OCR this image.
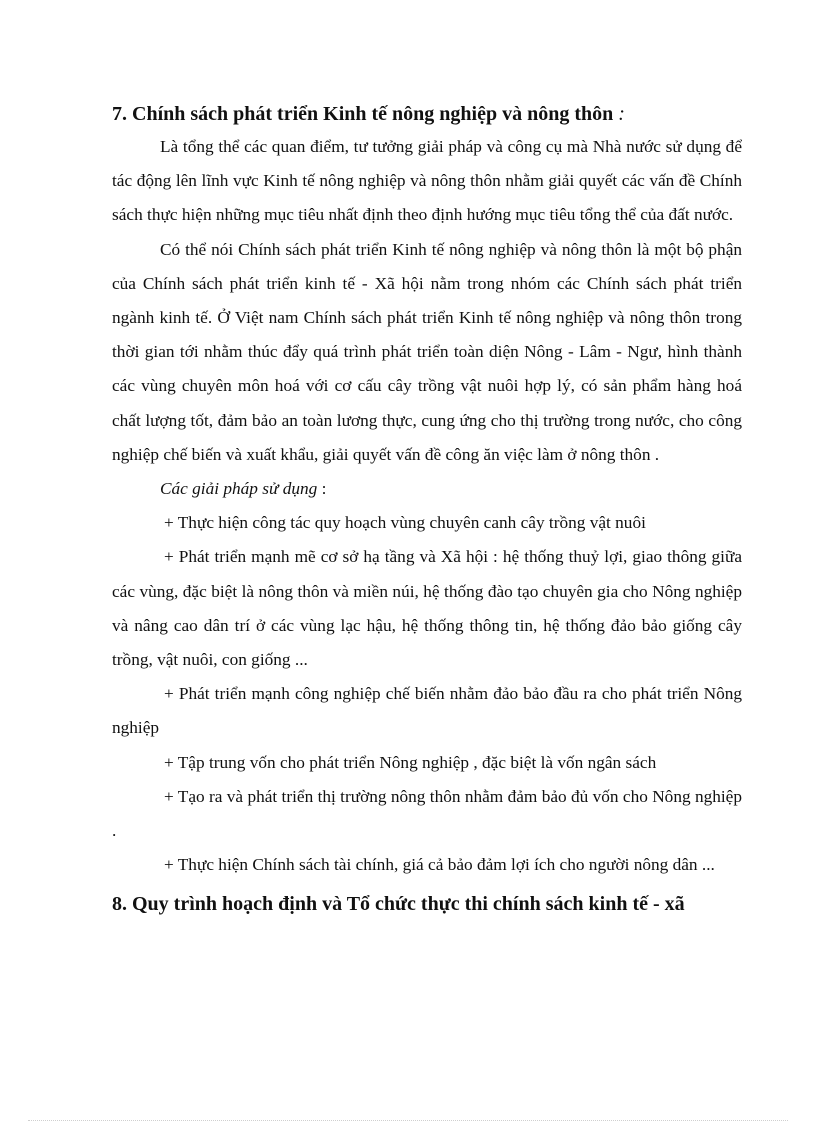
7. Chính sách phát triển Kinh tế nông nghiệp và nông thôn :

Là tổng thể các quan điểm, tư tưởng giải pháp và công cụ mà Nhà nước sử dụng để tác động lên lĩnh vực Kinh tế nông nghiệp và nông thôn nhằm giải quyết các vấn đề Chính sách thực hiện những mục tiêu nhất định theo định hướng mục tiêu tổng thể của đất nước.

Có thể nói Chính sách phát triển Kinh tế nông nghiệp và nông thôn là một bộ phận của Chính sách phát triển kinh tế - Xã hội nằm trong nhóm các Chính sách phát triển ngành kinh tế. Ở Việt nam Chính sách phát triển Kinh tế nông nghiệp và nông thôn trong thời gian tới nhằm thúc đẩy quá trình phát triển toàn diện Nông - Lâm - Ngư, hình thành các vùng chuyên môn hoá với cơ cấu cây trồng vật nuôi hợp lý, có sản phẩm hàng hoá chất lượng tốt, đảm bảo an toàn lương thực, cung ứng cho thị trường trong nước, cho công nghiệp chế biến và xuất khẩu, giải quyết vấn đề công ăn việc làm ở nông thôn .

Các giải pháp sử dụng :

+ Thực hiện công tác quy hoạch vùng chuyên canh cây trồng vật nuôi

+ Phát triển mạnh mẽ cơ sở hạ tầng và Xã hội : hệ thống thuỷ lợi, giao thông giữa các vùng, đặc biệt là nông thôn và miền núi, hệ thống đào tạo chuyên gia cho Nông nghiệp và nâng cao dân trí ở các vùng lạc hậu, hệ thống thông tin, hệ thống đảo bảo giống cây trồng, vật nuôi, con giống ...

+ Phát triển mạnh công nghiệp chế biến nhằm đảo bảo đầu ra cho phát triển Nông nghiệp

+ Tập trung vốn cho phát triển Nông nghiệp , đặc biệt là vốn ngân sách

+ Tạo ra và phát triển thị trường nông thôn nhằm đảm bảo đủ vốn cho Nông nghiệp .

+ Thực hiện Chính sách tài chính, giá cả bảo đảm lợi ích cho người nông dân ...

8. Quy trình hoạch định và Tổ chức thực thi chính sách kinh tế - xã
